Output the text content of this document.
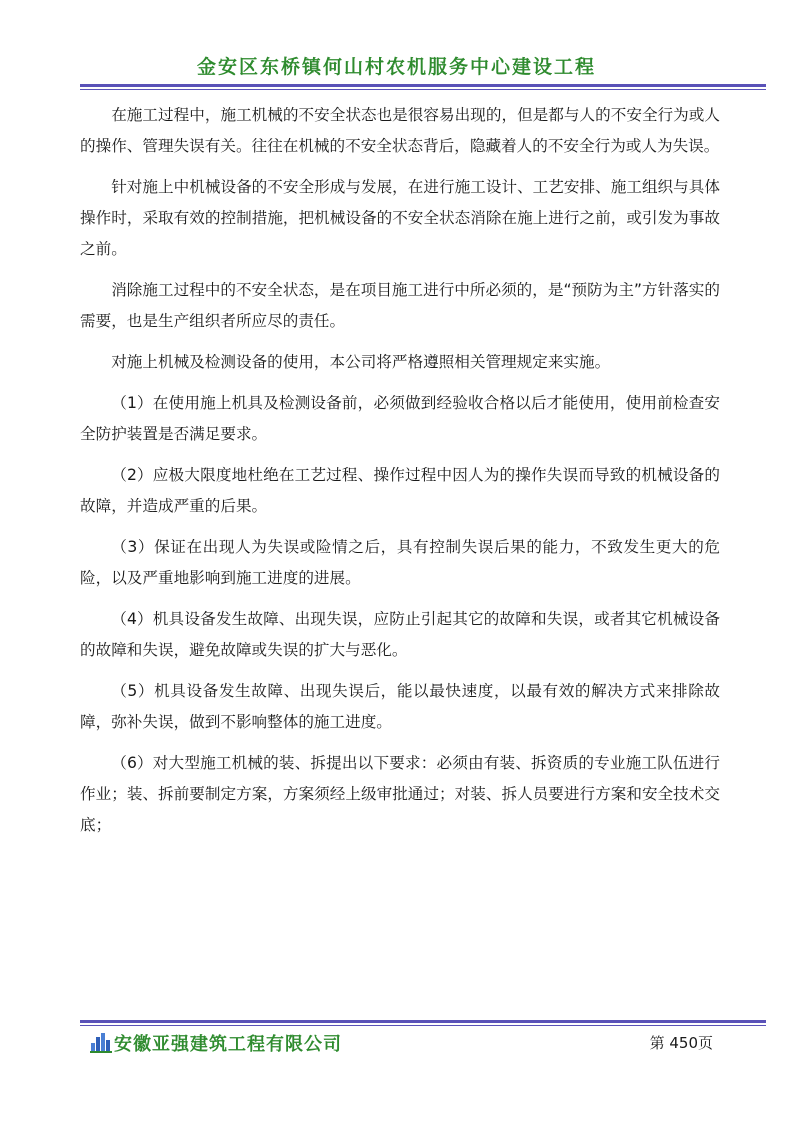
金安区东桥镇何山村农机服务中心建设工程

在施工过程中，施工机械的不安全状态也是很容易出现的，但是都与人的不安全行为或人的操作、管理失误有关。往往在机械的不安全状态背后，隐藏着人的不安全行为或人为失误。

针对施上中机械设备的不安全形成与发展，在进行施工设计、工艺安排、施工组织与具体操作时，采取有效的控制措施，把机械设备的不安全状态消除在施上进行之前，或引发为事故之前。

消除施工过程中的不安全状态，是在项目施工进行中所必须的，是“预防为主”方针落实的需要，也是生产组织者所应尽的责任。

对施上机械及检测设备的使用，本公司将严格遵照相关管理规定来实施。

（1）在使用施上机具及检测设备前，必须做到经验收合格以后才能使用，使用前检查安全防护装置是否满足要求。

（2）应极大限度地杜绝在工艺过程、操作过程中因人为的操作失误而导致的机械设备的故障，并造成严重的后果。

（3）保证在出现人为失误或险情之后，具有控制失误后果的能力，不致发生更大的危险，以及严重地影响到施工进度的进展。

（4）机具设备发生故障、出现失误，应防止引起其它的故障和失误，或者其它机械设备的故障和失误，避免故障或失误的扩大与恶化。

（5）机具设备发生故障、出现失误后，能以最快速度，以最有效的解决方式来排除故障，弥补失误，做到不影响整体的施工进度。

（6）对大型施工机械的装、拆提出以下要求：必须由有装、拆资质的专业施工队伍进行作业；装、拆前要制定方案，方案须经上级审批通过；对装、拆人员要进行方案和安全技术交底；

安徽亚强建筑工程有限公司	第 450页
